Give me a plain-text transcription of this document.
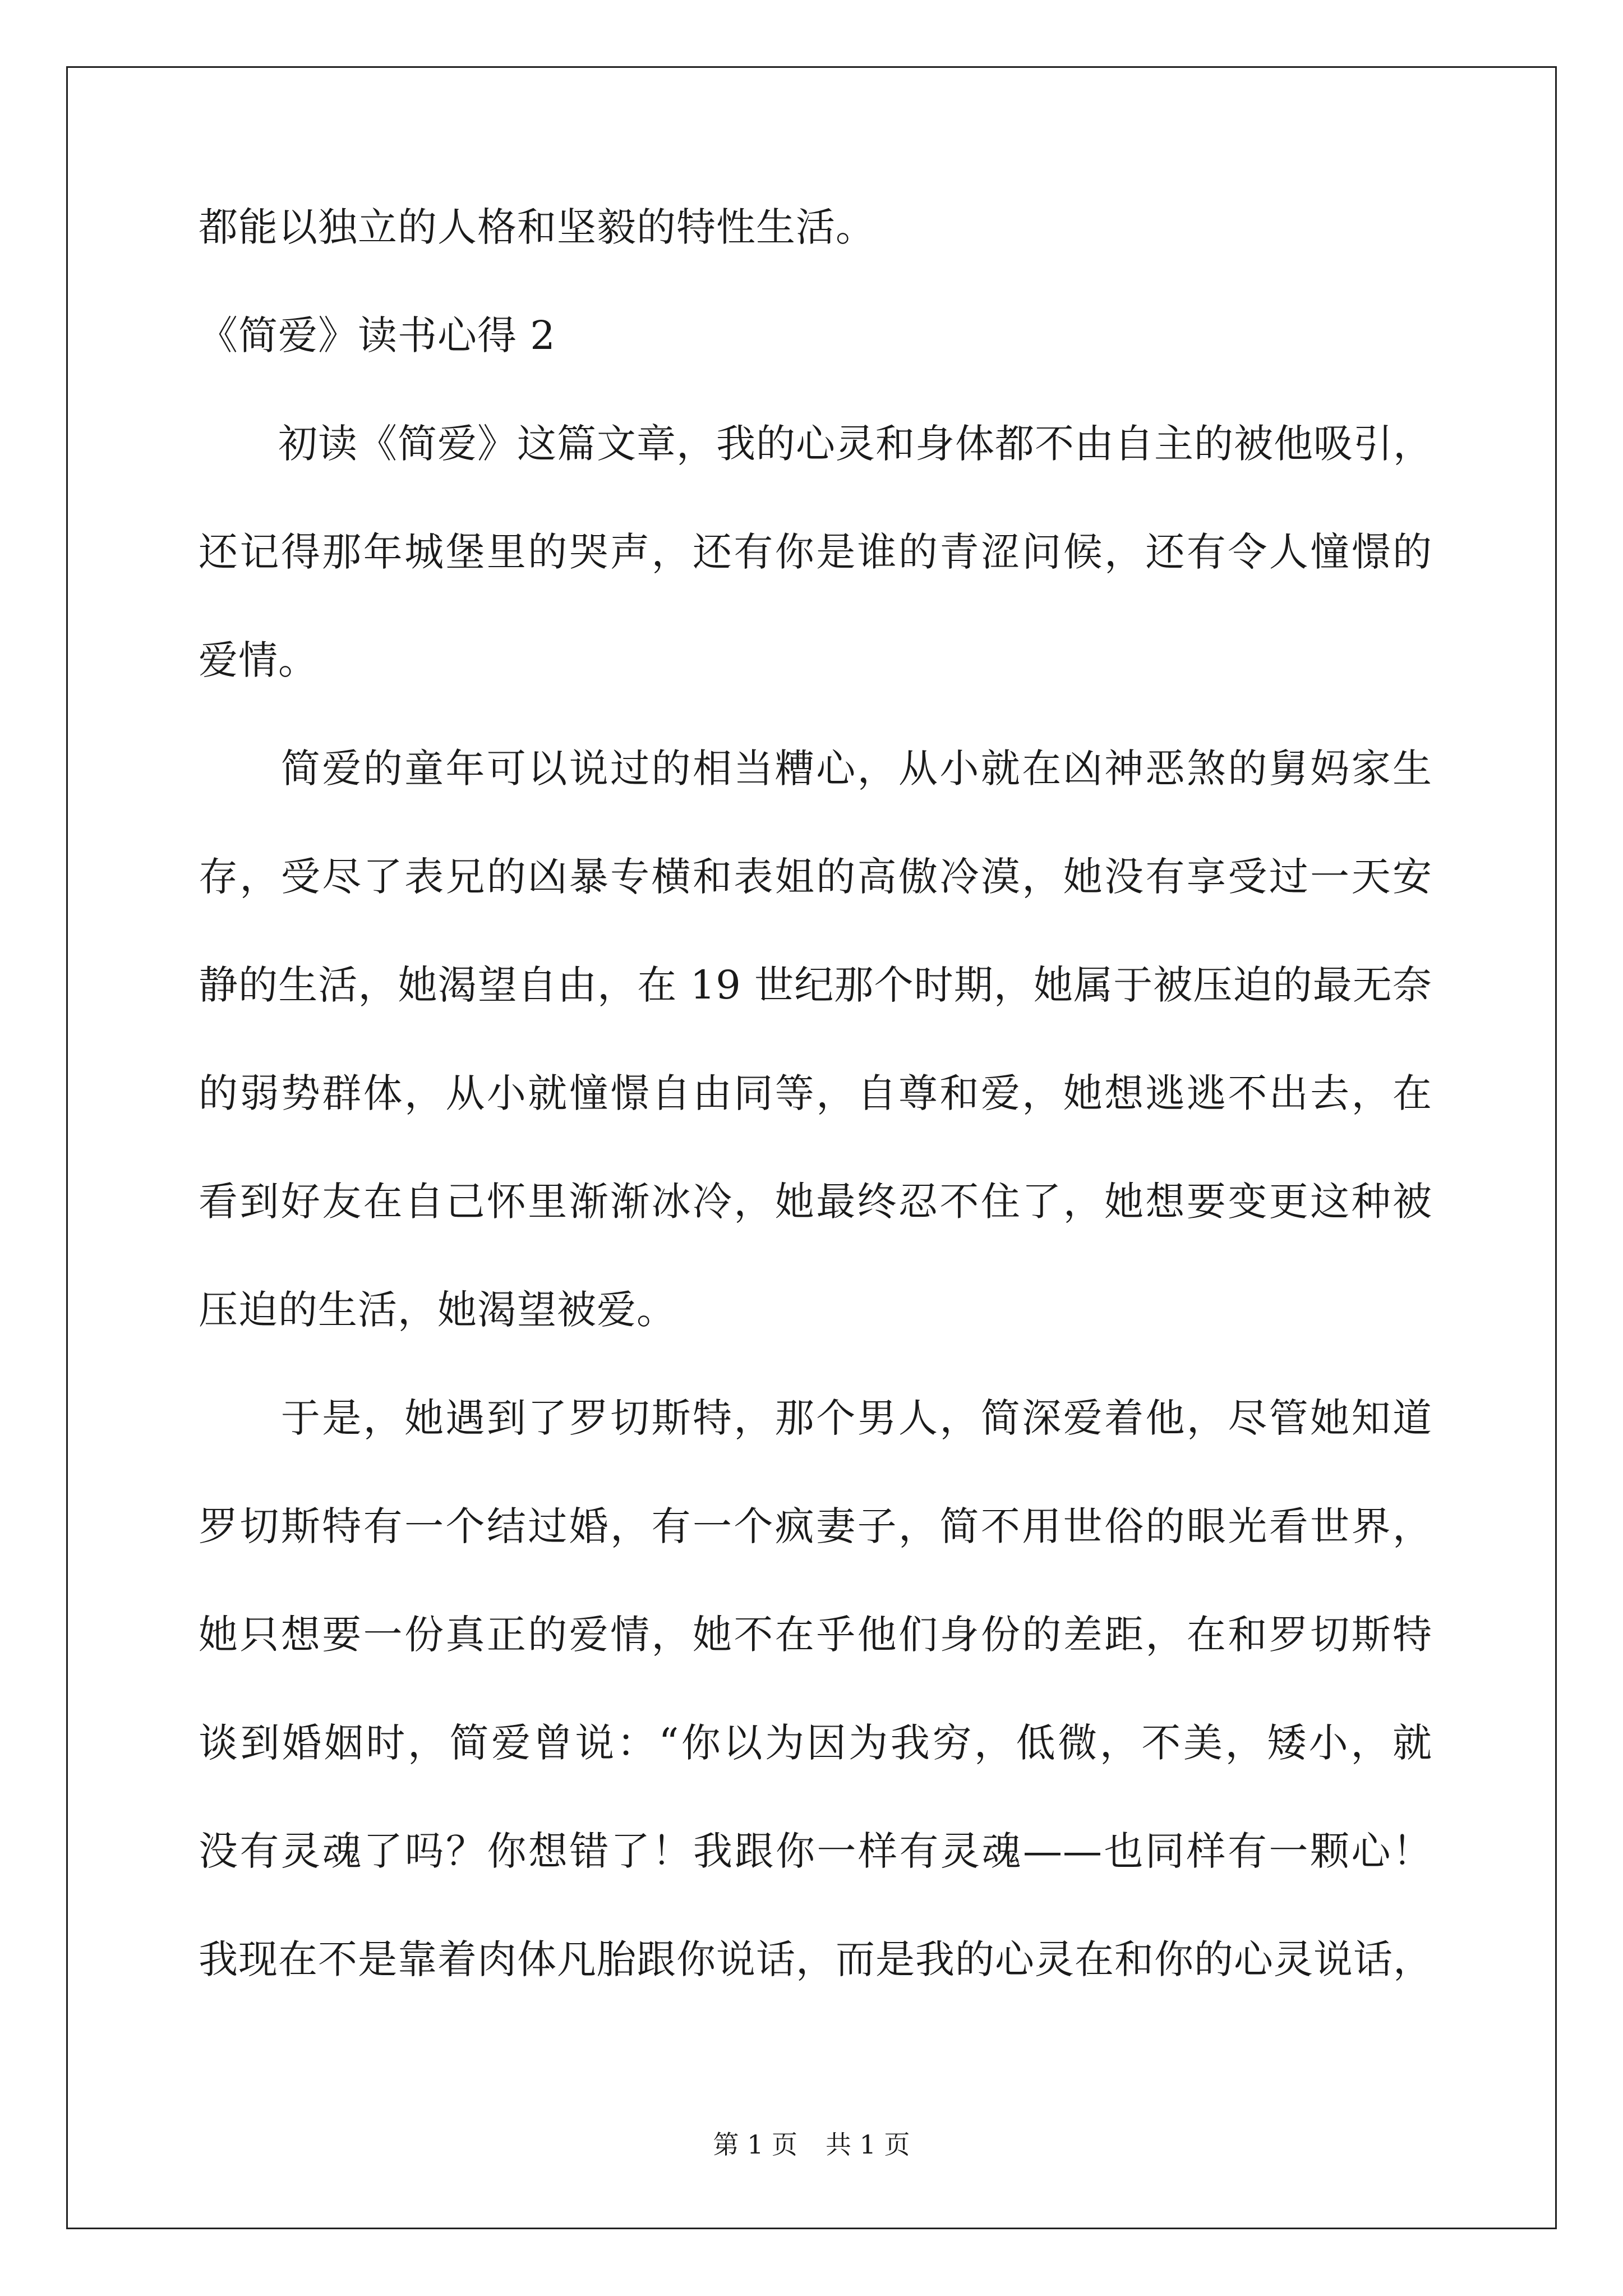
都能以独立的人格和坚毅的特性生活。
《简爱》读书心得 2
　　初读《简爱》这篇文章，我的心灵和身体都不由自主的被他吸引，
还记得那年城堡里的哭声，还有你是谁的青涩问候，还有令人憧憬的
爱情。
　　简爱的童年可以说过的相当糟心，从小就在凶神恶煞的舅妈家生
存，受尽了表兄的凶暴专横和表姐的高傲冷漠，她没有享受过一天安
静的生活，她渴望自由，在 19 世纪那个时期，她属于被压迫的最无奈
的弱势群体，从小就憧憬自由同等，自尊和爱，她想逃逃不出去，在
看到好友在自己怀里渐渐冰冷，她最终忍不住了，她想要变更这种被
压迫的生活，她渴望被爱。
　　于是，她遇到了罗切斯特，那个男人，简深爱着他，尽管她知道
罗切斯特有一个结过婚，有一个疯妻子，简不用世俗的眼光看世界，
她只想要一份真正的爱情，她不在乎他们身份的差距，在和罗切斯特
谈到婚姻时，简爱曾说：“你以为因为我穷，低微，不美，矮小，就
没有灵魂了吗？你想错了！我跟你一样有灵魂——也同样有一颗心！
我现在不是靠着肉体凡胎跟你说话，而是我的心灵在和你的心灵说话，
第 1 页 共 1 页
